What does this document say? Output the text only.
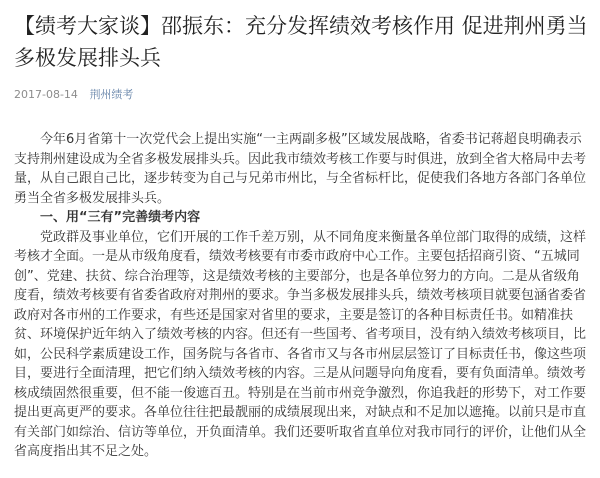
【绩考大家谈】邵振东：充分发挥绩效考核作用 促进荆州勇当多极发展排头兵
2017-08-14 荆州绩考

今年6月省第十一次党代会上提出实施“一主两副多极”区域发展战略，省委书记蒋超良明确表示支持荆州建设成为全省多极发展排头兵。因此我市绩效考核工作要与时俱进，放到全省大格局中去考量，从自己跟自己比，逐步转变为自己与兄弟市州比，与全省标杆比，促使我们各地方各部门各单位勇当全省多极发展排头兵。

一、用“三有”完善绩考内容

党政群及事业单位，它们开展的工作千差万别，从不同角度来衡量各单位部门取得的成绩，这样考核才全面。一是从市级角度看，绩效考核要有市委市政府中心工作。主要包括招商引资、“五城同创”、党建、扶贫、综合治理等，这是绩效考核的主要部分，也是各单位努力的方向。二是从省级角度看，绩效考核要有省委省政府对荆州的要求。争当多极发展排头兵，绩效考核项目就要包涵省委省政府对各市州的工作要求，有些还是国家对省里的要求，主要是签订的各种目标责任书。如精准扶贫、环境保护近年纳入了绩效考核的内容。但还有一些国考、省考项目，没有纳入绩效考核项目，比如，公民科学素质建设工作，国务院与各省市、各省市又与各市州层层签订了目标责任书，像这些项目，要进行全面清理，把它们纳入绩效考核的内容。三是从问题导向角度看，要有负面清单。绩效考核成绩固然很重要，但不能一俊遮百丑。特别是在当前市州竞争激烈，你追我赶的形势下，对工作要提出更高更严的要求。各单位往往把最靓丽的成绩展现出来，对缺点和不足加以遮掩。以前只是市直有关部门如综治、信访等单位，开负面清单。我们还要听取省直单位对我市同行的评价，让他们从全省高度指出其不足之处。
